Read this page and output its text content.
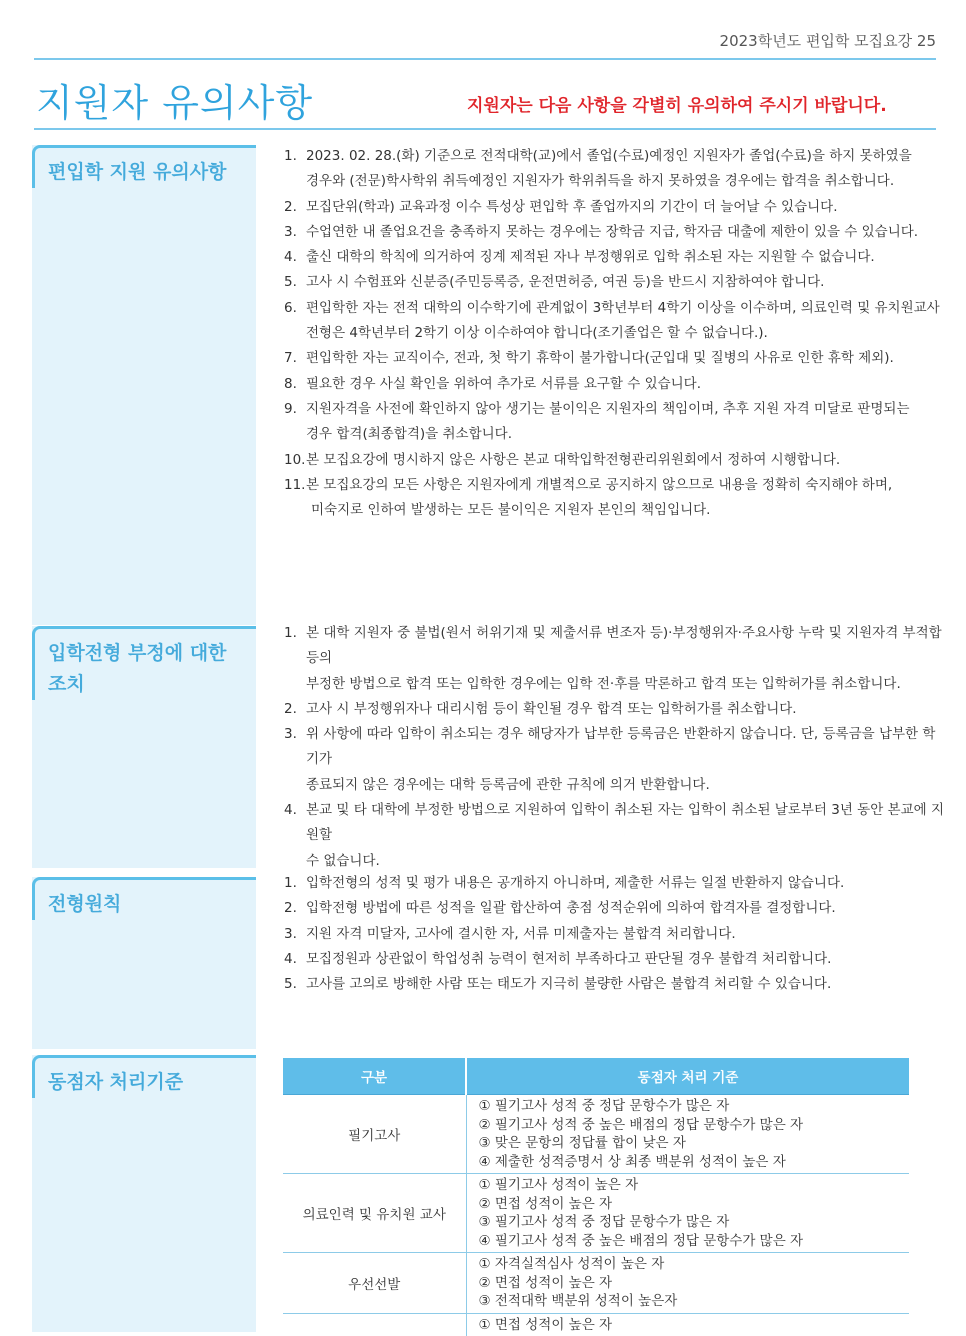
2023학년도 편입학 모집요강 25
지원자 유의사항	지원자는 다음 사항을 각별히 유의하여 주시기 바랍니다.
편입학 지원 유의사항
입학전형 부정에 대한
조치
전형원칙
동점자 처리기준
1. 2023. 02. 28.(화) 기준으로 전적대학(교)에서 졸업(수료)예정인 지원자가 졸업(수료)을 하지 못하였을
경우와 (전문)학사학위 취득예정인 지원자가 학위취득을 하지 못하였을 경우에는 합격을 취소합니다.
2. 모집단위(학과) 교육과정 이수 특성상 편입학 후 졸업까지의 기간이 더 늘어날 수 있습니다.
3. 수업연한 내 졸업요건을 충족하지 못하는 경우에는 장학금 지급, 학자금 대출에 제한이 있을 수 있습니다.
4. 출신 대학의 학칙에 의거하여 징계 제적된 자나 부정행위로 입학 취소된 자는 지원할 수 없습니다.
5. 고사 시 수험표와 신분증(주민등록증, 운전면허증, 여권 등)을 반드시 지참하여야 합니다.
6. 편입학한 자는 전적 대학의 이수학기에 관계없이 3학년부터 4학기 이상을 이수하며, 의료인력 및 유치원교사
전형은 4학년부터 2학기 이상 이수하여야 합니다(조기졸업은 할 수 없습니다.).
7. 편입학한 자는 교직이수, 전과, 첫 학기 휴학이 불가합니다(군입대 및 질병의 사유로 인한 휴학 제외).
8. 필요한 경우 사실 확인을 위하여 추가로 서류를 요구할 수 있습니다.
9. 지원자격을 사전에 확인하지 않아 생기는 불이익은 지원자의 책임이며, 추후 지원 자격 미달로 판명되는
경우 합격(최종합격)을 취소합니다.
10. 본 모집요강에 명시하지 않은 사항은 본교 대학입학전형관리위원회에서 정하여 시행합니다.
11. 본 모집요강의 모든 사항은 지원자에게 개별적으로 공지하지 않으므로 내용을 정확히 숙지해야 하며,
미숙지로 인하여 발생하는 모든 불이익은 지원자 본인의 책임입니다.
1. 본 대학 지원자 중 불법(원서 허위기재 및 제출서류 변조자 등)·부정행위자·주요사항 누락 및 지원자격 부적합 등의
부정한 방법으로 합격 또는 입학한 경우에는 입학 전·후를 막론하고 합격 또는 입학허가를 취소합니다.
2. 고사 시 부정행위자나 대리시험 등이 확인될 경우 합격 또는 입학허가를 취소합니다.
3. 위 사항에 따라 입학이 취소되는 경우 해당자가 납부한 등록금은 반환하지 않습니다. 단, 등록금을 납부한 학기가
종료되지 않은 경우에는 대학 등록금에 관한 규칙에 의거 반환합니다.
4. 본교 및 타 대학에 부정한 방법으로 지원하여 입학이 취소된 자는 입학이 취소된 날로부터 3년 동안 본교에 지원할
수 없습니다.
1. 입학전형의 성적 및 평가 내용은 공개하지 아니하며, 제출한 서류는 일절 반환하지 않습니다.
2. 입학전형 방법에 따른 성적을 일괄 합산하여 총점 성적순위에 의하여 합격자를 결정합니다.
3. 지원 자격 미달자, 고사에 결시한 자, 서류 미제출자는 불합격 처리합니다.
4. 모집정원과 상관없이 학업성취 능력이 현저히 부족하다고 판단될 경우 불합격 처리합니다.
5. 고사를 고의로 방해한 사람 또는 태도가 지극히 불량한 사람은 불합격 처리할 수 있습니다.
구분	동점자 처리 기준
필기고사	① 필기고사 성적 중 정답 문항수가 많은 자
② 필기고사 성적 중 높은 배점의 정답 문항수가 많은 자
③ 맞은 문항의 정답률 합이 낮은 자
④ 제출한 성적증명서 상 최종 백분위 성적이 높은 자

의료인력 및 유치원 교사	① 필기고사 성적이 높은 자
② 면접 성적이 높은 자
③ 필기고사 성적 중 정답 문항수가 많은 자
④ 필기고사 성적 중 높은 배점의 정답 문항수가 많은 자

우선선발	① 자격실적심사 성적이 높은 자
② 면접 성적이 높은 자
③ 전적대학 백분위 성적이 높은자

	① 면접 성적이 높은 자
